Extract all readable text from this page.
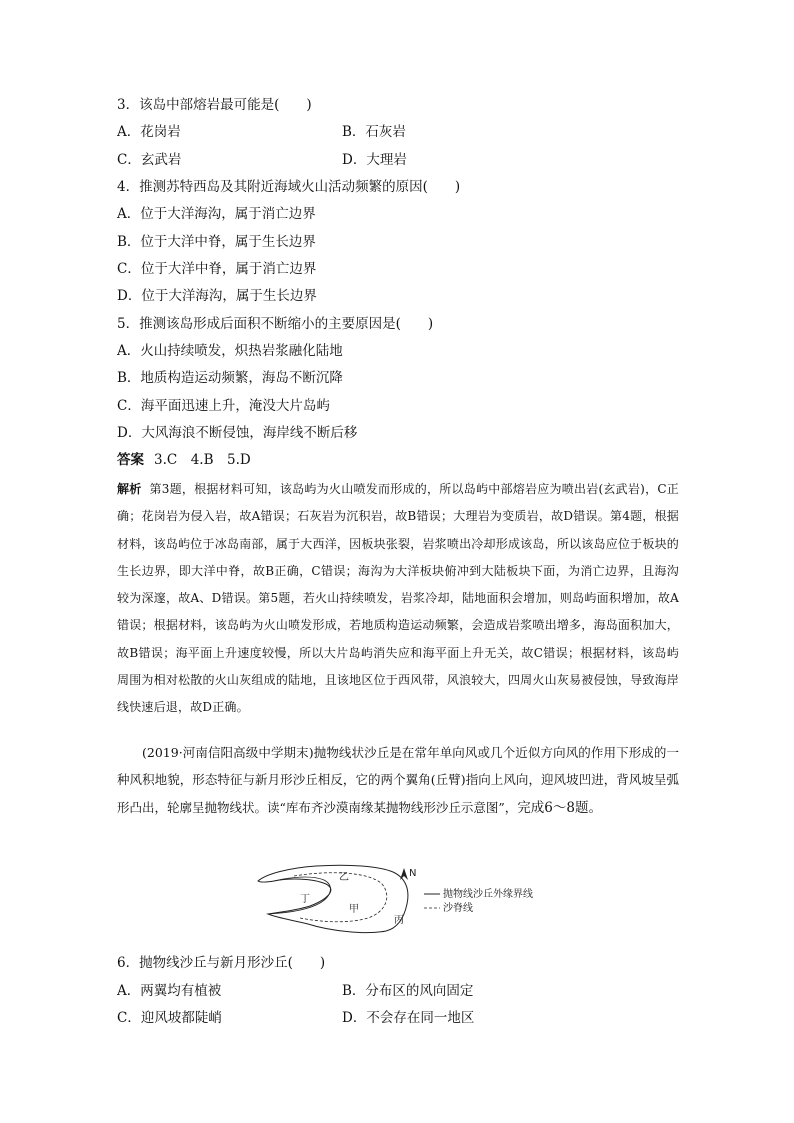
3．该岛中部熔岩最可能是(　　)
A．花岗岩	B．石灰岩
C．玄武岩	D．大理岩
4．推测苏特西岛及其附近海域火山活动频繁的原因(　　)
A．位于大洋海沟，属于消亡边界
B．位于大洋中脊，属于生长边界
C．位于大洋中脊，属于消亡边界
D．位于大洋海沟，属于生长边界
5．推测该岛形成后面积不断缩小的主要原因是(　　)
A．火山持续喷发，炽热岩浆融化陆地
B．地质构造运动频繁，海岛不断沉降
C．海平面迅速上升，淹没大片岛屿
D．大风海浪不断侵蚀，海岸线不断后移
答案 3.C　4.B　5.D
解析 第3题，根据材料可知，该岛屿为火山喷发而形成的，所以岛屿中部熔岩应为喷出岩(玄武岩)，C正确；花岗岩为侵入岩，故A错误；石灰岩为沉积岩，故B错误；大理岩为变质岩，故D错误。第4题，根据材料，该岛屿位于冰岛南部，属于大西洋，因板块张裂，岩浆喷出冷却形成该岛，所以该岛应位于板块的生长边界，即大洋中脊，故B正确，C错误；海沟为大洋板块俯冲到大陆板块下面，为消亡边界，且海沟较为深邃，故A、D错误。第5题，若火山持续喷发，岩浆冷却，陆地面积会增加，则岛屿面积增加，故A错误；根据材料，该岛屿为火山喷发形成，若地质构造运动频繁，会造成岩浆喷出增多，海岛面积加大，故B错误；海平面上升速度较慢，所以大片岛屿消失应和海平面上升无关，故C错误；根据材料，该岛屿周围为相对松散的火山灰组成的陆地，且该地区位于西风带，风浪较大，四周火山灰易被侵蚀，导致海岸线快速后退，故D正确。
(2019·河南信阳高级中学期末)抛物线状沙丘是在常年单向风或几个近似方向风的作用下形成的一种风积地貌，形态特征与新月形沙丘相反，它的两个翼角(丘臂)指向上风向，迎风坡凹进，背风坡呈弧形凸出，轮廓呈抛物线状。读“库布齐沙漠南缘某抛物线形沙丘示意图”，完成6～8题。
乙
丁
甲
丙
N
抛物线沙丘外缘界线
沙脊线
6．抛物线沙丘与新月形沙丘(　　)
A．两翼均有植被	B．分布区的风向固定
C．迎风坡都陡峭	D．不会存在同一地区
